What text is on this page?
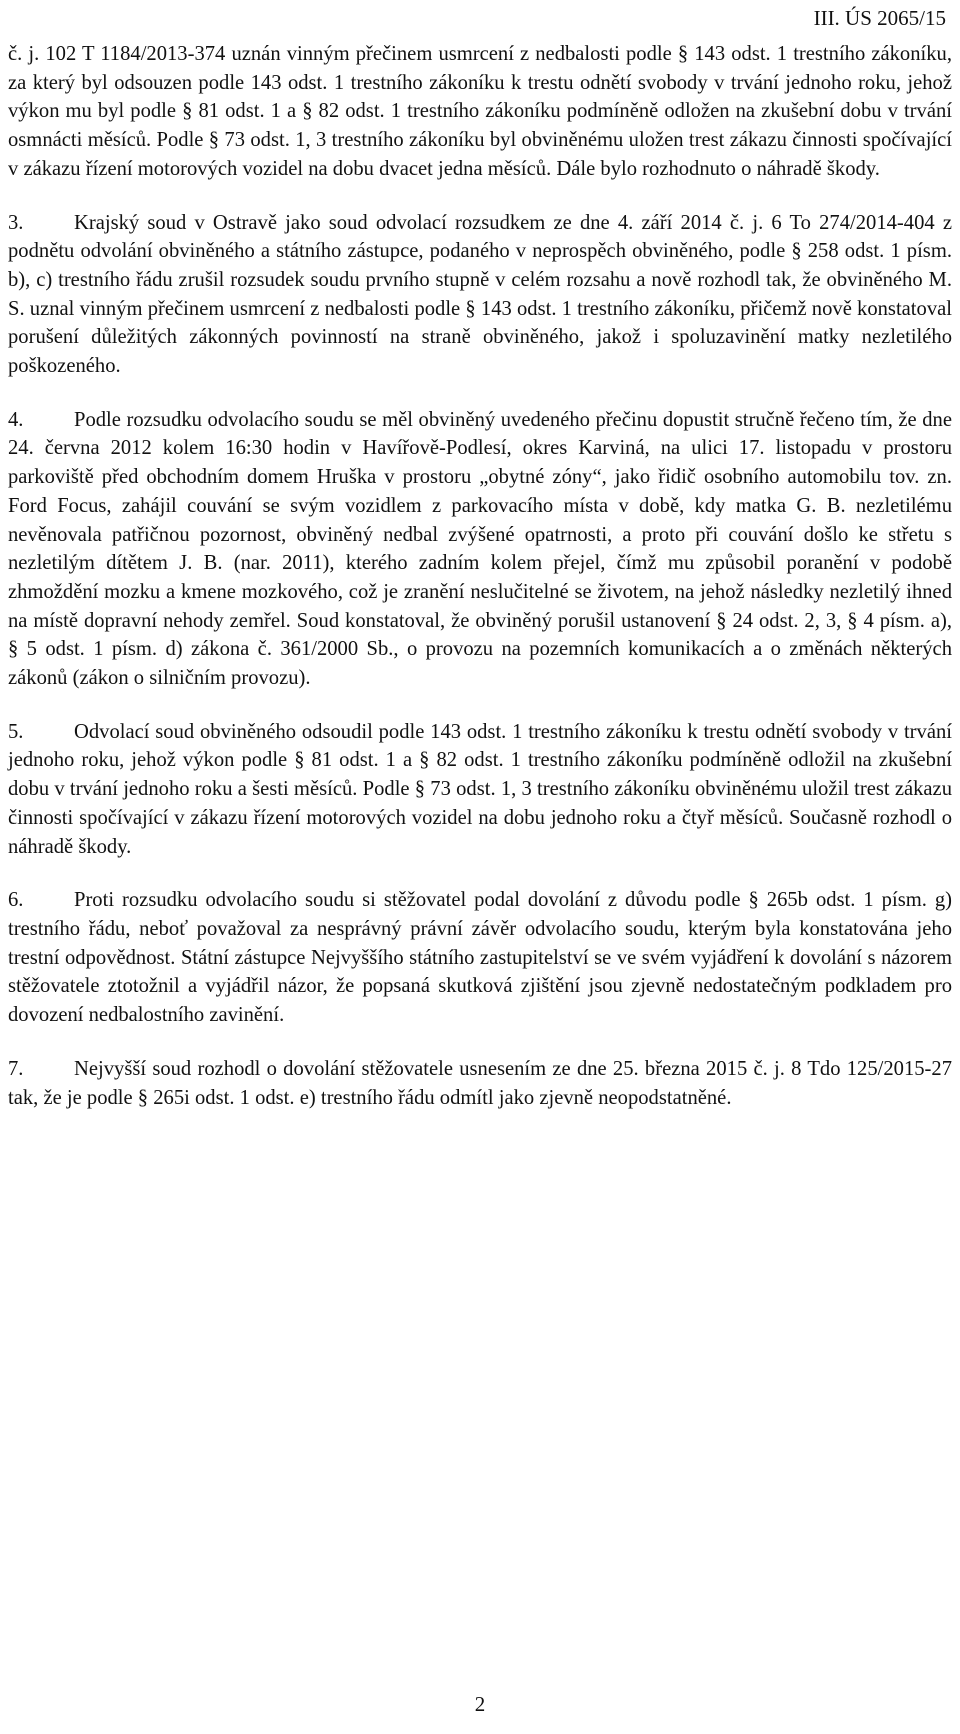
III. ÚS 2065/15

č. j. 102 T 1184/2013-374 uznán vinným přečinem usmrcení z nedbalosti podle § 143 odst. 1 trestního zákoníku, za který byl odsouzen podle 143 odst. 1 trestního zákoníku k trestu odnětí svobody v trvání jednoho roku, jehož výkon mu byl podle § 81 odst. 1 a § 82 odst. 1 trestního zákoníku podmíněně odložen na zkušební dobu v trvání osmnácti měsíců. Podle § 73 odst. 1, 3 trestního zákoníku byl obviněnému uložen trest zákazu činnosti spočívající v zákazu řízení motorových vozidel na dobu dvacet jedna měsíců. Dále bylo rozhodnuto o náhradě škody.

3. Krajský soud v Ostravě jako soud odvolací rozsudkem ze dne 4. září 2014 č. j. 6 To 274/2014-404 z podnětu odvolání obviněného a státního zástupce, podaného v neprospěch obviněného, podle § 258 odst. 1 písm. b), c) trestního řádu zrušil rozsudek soudu prvního stupně v celém rozsahu a nově rozhodl tak, že obviněného M. S. uznal vinným přečinem usmrcení z nedbalosti podle § 143 odst. 1 trestního zákoníku, přičemž nově konstatoval porušení důležitých zákonných povinností na straně obviněného, jakož i spoluzavinění matky nezletilého poškozeného.

4. Podle rozsudku odvolacího soudu se měl obviněný uvedeného přečinu dopustit stručně řečeno tím, že dne 24. června 2012 kolem 16:30 hodin v Havířově-Podlesí, okres Karviná, na ulici 17. listopadu v prostoru parkoviště před obchodním domem Hruška v prostoru „obytné zóny“, jako řidič osobního automobilu tov. zn. Ford Focus, zahájil couvání se svým vozidlem z parkovacího místa v době, kdy matka G. B. nezletilému nevěnovala patřičnou pozornost, obviněný nedbal zvýšené opatrnosti, a proto při couvání došlo ke střetu s nezletilým dítětem J. B. (nar. 2011), kterého zadním kolem přejel, čímž mu způsobil poranění v podobě zhmoždění mozku a kmene mozkového, což je zranění neslučitelné se životem, na jehož následky nezletilý ihned na místě dopravní nehody zemřel. Soud konstatoval, že obviněný porušil ustanovení § 24 odst. 2, 3, § 4 písm. a), § 5 odst. 1 písm. d) zákona č. 361/2000 Sb., o provozu na pozemních komunikacích a o změnách některých zákonů (zákon o silničním provozu).

5. Odvolací soud obviněného odsoudil podle 143 odst. 1 trestního zákoníku k trestu odnětí svobody v trvání jednoho roku, jehož výkon podle § 81 odst. 1 a § 82 odst. 1 trestního zákoníku podmíněně odložil na zkušební dobu v trvání jednoho roku a šesti měsíců. Podle § 73 odst. 1, 3 trestního zákoníku obviněnému uložil trest zákazu činnosti spočívající v zákazu řízení motorových vozidel na dobu jednoho roku a čtyř měsíců. Současně rozhodl o náhradě škody.

6. Proti rozsudku odvolacího soudu si stěžovatel podal dovolání z důvodu podle § 265b odst. 1 písm. g) trestního řádu, neboť považoval za nesprávný právní závěr odvolacího soudu, kterým byla konstatována jeho trestní odpovědnost. Státní zástupce Nejvyššího státního zastupitelství se ve svém vyjádření k dovolání s názorem stěžovatele ztotožnil a vyjádřil názor, že popsaná skutková zjištění jsou zjevně nedostatečným podkladem pro dovození nedbalostního zavinění.

7. Nejvyšší soud rozhodl o dovolání stěžovatele usnesením ze dne 25. března 2015 č. j. 8 Tdo 125/2015-27 tak, že je podle § 265i odst. 1 odst. e) trestního řádu odmítl jako zjevně neopodstatněné.

2
